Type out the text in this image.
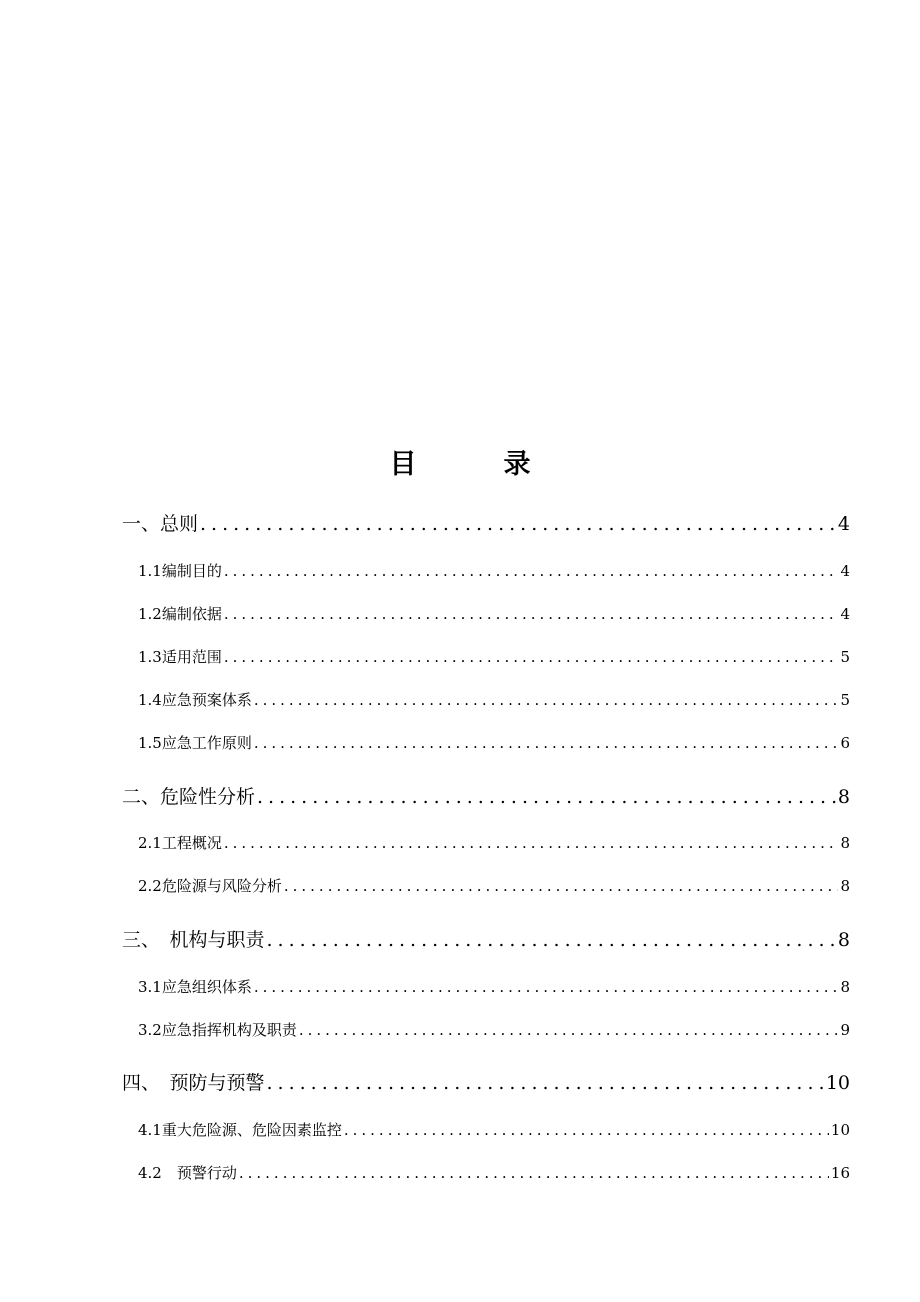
目　录
一、总则 .....	4
1.1编制目的 .....	4
1.2编制依据 .....	4
1.3适用范围 .....	5
1.4应急预案体系 .....	5
1.5应急工作原则 .....	6
二、危险性分析 .....	8
2.1工程概况 .....	8
2.2危险源与风险分析 .....	8
三、　机构与职责 .....	8
3.1应急组织体系 .....	8
3.2应急指挥机构及职责 .....	9
四、　预防与预警 .....	10
4.1重大危险源、危险因素监控 .....	10
4.2　预警行动 .....	16
